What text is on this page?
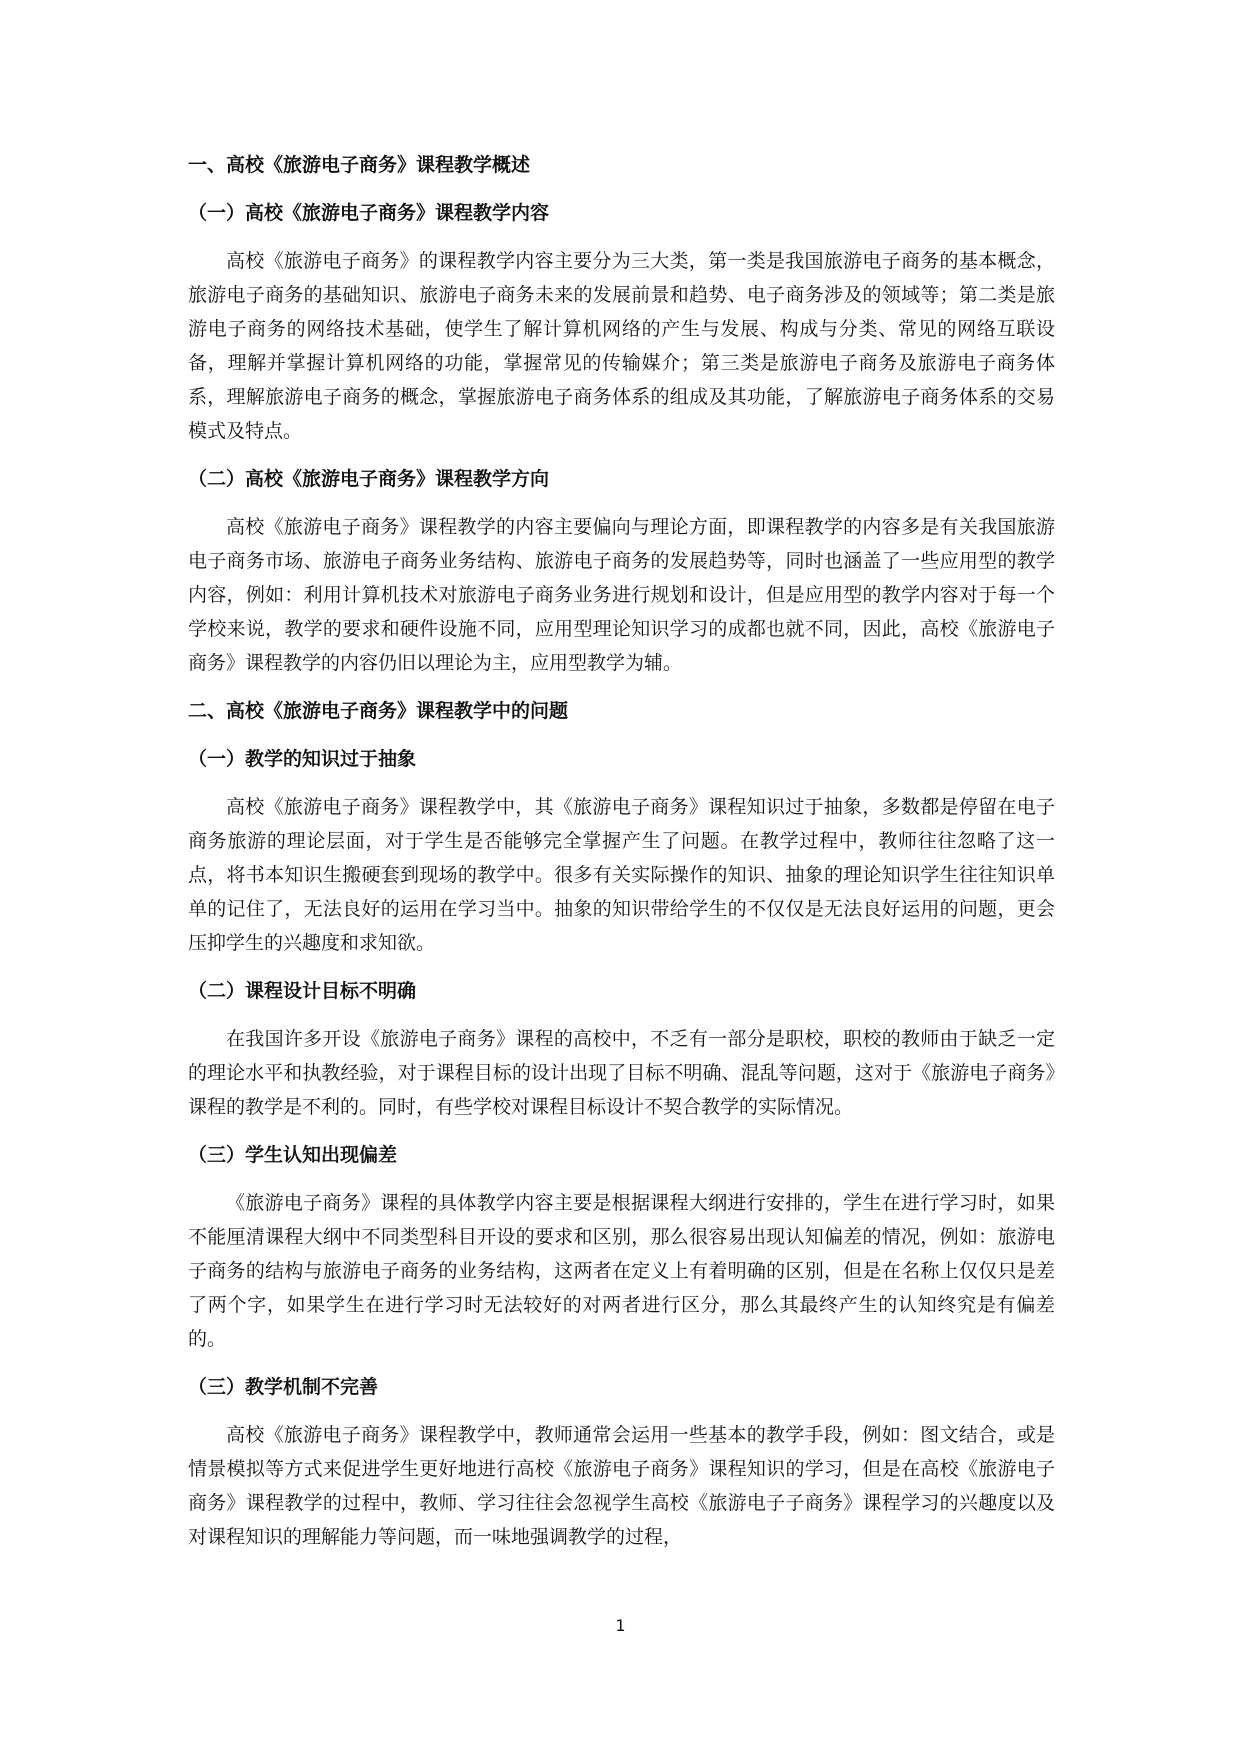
一、高校《旅游电子商务》课程教学概述
（一）高校《旅游电子商务》课程教学内容

高校《旅游电子商务》的课程教学内容主要分为三大类，第一类是我国旅游电子商务的基本概念，旅游电子商务的基础知识、旅游电子商务未来的发展前景和趋势、电子商务涉及的领域等；第二类是旅游电子商务的网络技术基础，使学生了解计算机网络的产生与发展、构成与分类、常见的网络互联设备，理解并掌握计算机网络的功能，掌握常见的传输媒介；第三类是旅游电子商务及旅游电子商务体系，理解旅游电子商务的概念，掌握旅游电子商务体系的组成及其功能，了解旅游电子商务体系的交易模式及特点。

（二）高校《旅游电子商务》课程教学方向

高校《旅游电子商务》课程教学的内容主要偏向与理论方面，即课程教学的内容多是有关我国旅游电子商务市场、旅游电子商务业务结构、旅游电子商务的发展趋势等，同时也涵盖了一些应用型的教学内容，例如：利用计算机技术对旅游电子商务业务进行规划和设计，但是应用型的教学内容对于每一个学校来说，教学的要求和硬件设施不同，应用型理论知识学习的成都也就不同，因此，高校《旅游电子商务》课程教学的内容仍旧以理论为主，应用型教学为辅。

二、高校《旅游电子商务》课程教学中的问题
（一）教学的知识过于抽象

高校《旅游电子商务》课程教学中，其《旅游电子商务》课程知识过于抽象，多数都是停留在电子商务旅游的理论层面，对于学生是否能够完全掌握产生了问题。在教学过程中，教师往往忽略了这一点，将书本知识生搬硬套到现场的教学中。很多有关实际操作的知识、抽象的理论知识学生往往知识单单的记住了，无法良好的运用在学习当中。抽象的知识带给学生的不仅仅是无法良好运用的问题，更会压抑学生的兴趣度和求知欲。

（二）课程设计目标不明确

在我国许多开设《旅游电子商务》课程的高校中，不乏有一部分是职校，职校的教师由于缺乏一定的理论水平和执教经验，对于课程目标的设计出现了目标不明确、混乱等问题，这对于《旅游电子商务》课程的教学是不利的。同时，有些学校对课程目标设计不契合教学的实际情况。

（三）学生认知出现偏差

《旅游电子商务》课程的具体教学内容主要是根据课程大纲进行安排的，学生在进行学习时，如果不能厘清课程大纲中不同类型科目开设的要求和区别，那么很容易出现认知偏差的情况，例如：旅游电子商务的结构与旅游电子商务的业务结构，这两者在定义上有着明确的区别，但是在名称上仅仅只是差了两个字，如果学生在进行学习时无法较好的对两者进行区分，那么其最终产生的认知终究是有偏差的。

（三）教学机制不完善

高校《旅游电子商务》课程教学中，教师通常会运用一些基本的教学手段，例如：图文结合，或是情景模拟等方式来促进学生更好地进行高校《旅游电子商务》课程知识的学习，但是在高校《旅游电子商务》课程教学的过程中，教师、学习往往会忽视学生高校《旅游电子子商务》课程学习的兴趣度以及对课程知识的理解能力等问题，而一味地强调教学的过程，

1
